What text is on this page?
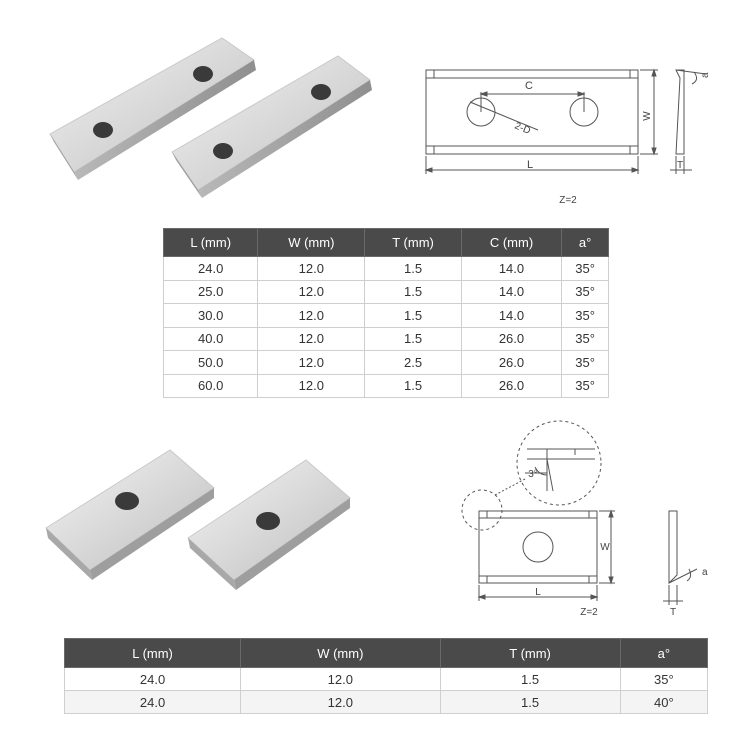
C
2-D
W
L
a
T
Z=2
L (mm)	W (mm)	T (mm)	C (mm)	a°
24.0	12.0	1.5	14.0	35°
25.0	12.0	1.5	14.0	35°
30.0	12.0	1.5	14.0	35°
40.0	12.0	1.5	26.0	35°
50.0	12.0	2.5	26.0	35°
60.0	12.0	1.5	26.0	35°
3°
W
L
a
T
Z=2
L (mm)	W (mm)	T (mm)	a°
24.0	12.0	1.5	35°
24.0	12.0	1.5	40°
